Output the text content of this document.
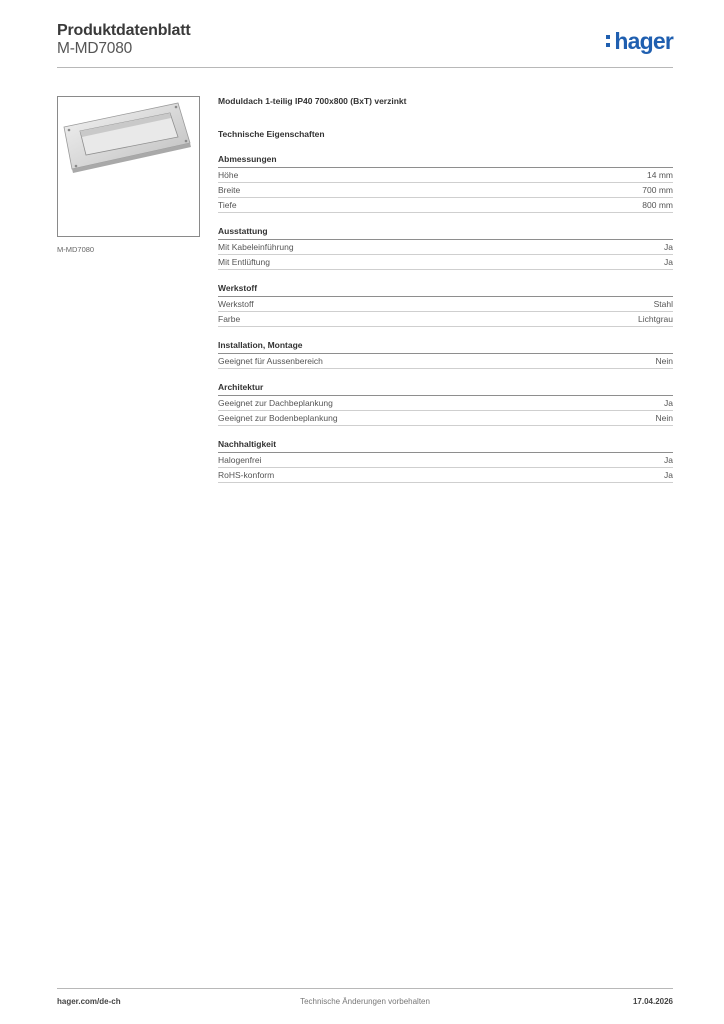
Produktdatenblatt
M-MD7080	hager
M-MD7080
Moduldach 1-teilig IP40 700x800 (BxT) verzinkt
Technische Eigenschaften
Abmessungen
Höhe	14 mm
Breite	700 mm
Tiefe	800 mm
Ausstattung
Mit Kabeleinführung	Ja
Mit Entlüftung	Ja
Werkstoff
Werkstoff	Stahl
Farbe	Lichtgrau
Installation, Montage
Geeignet für Aussenbereich	Nein
Architektur
Geeignet zur Dachbeplankung	Ja
Geeignet zur Bodenbeplankung	Nein
Nachhaltigkeit
Halogenfrei	Ja
RoHS-konform	Ja
hager.com/de-ch	Technische Änderungen vorbehalten	17.04.2026
